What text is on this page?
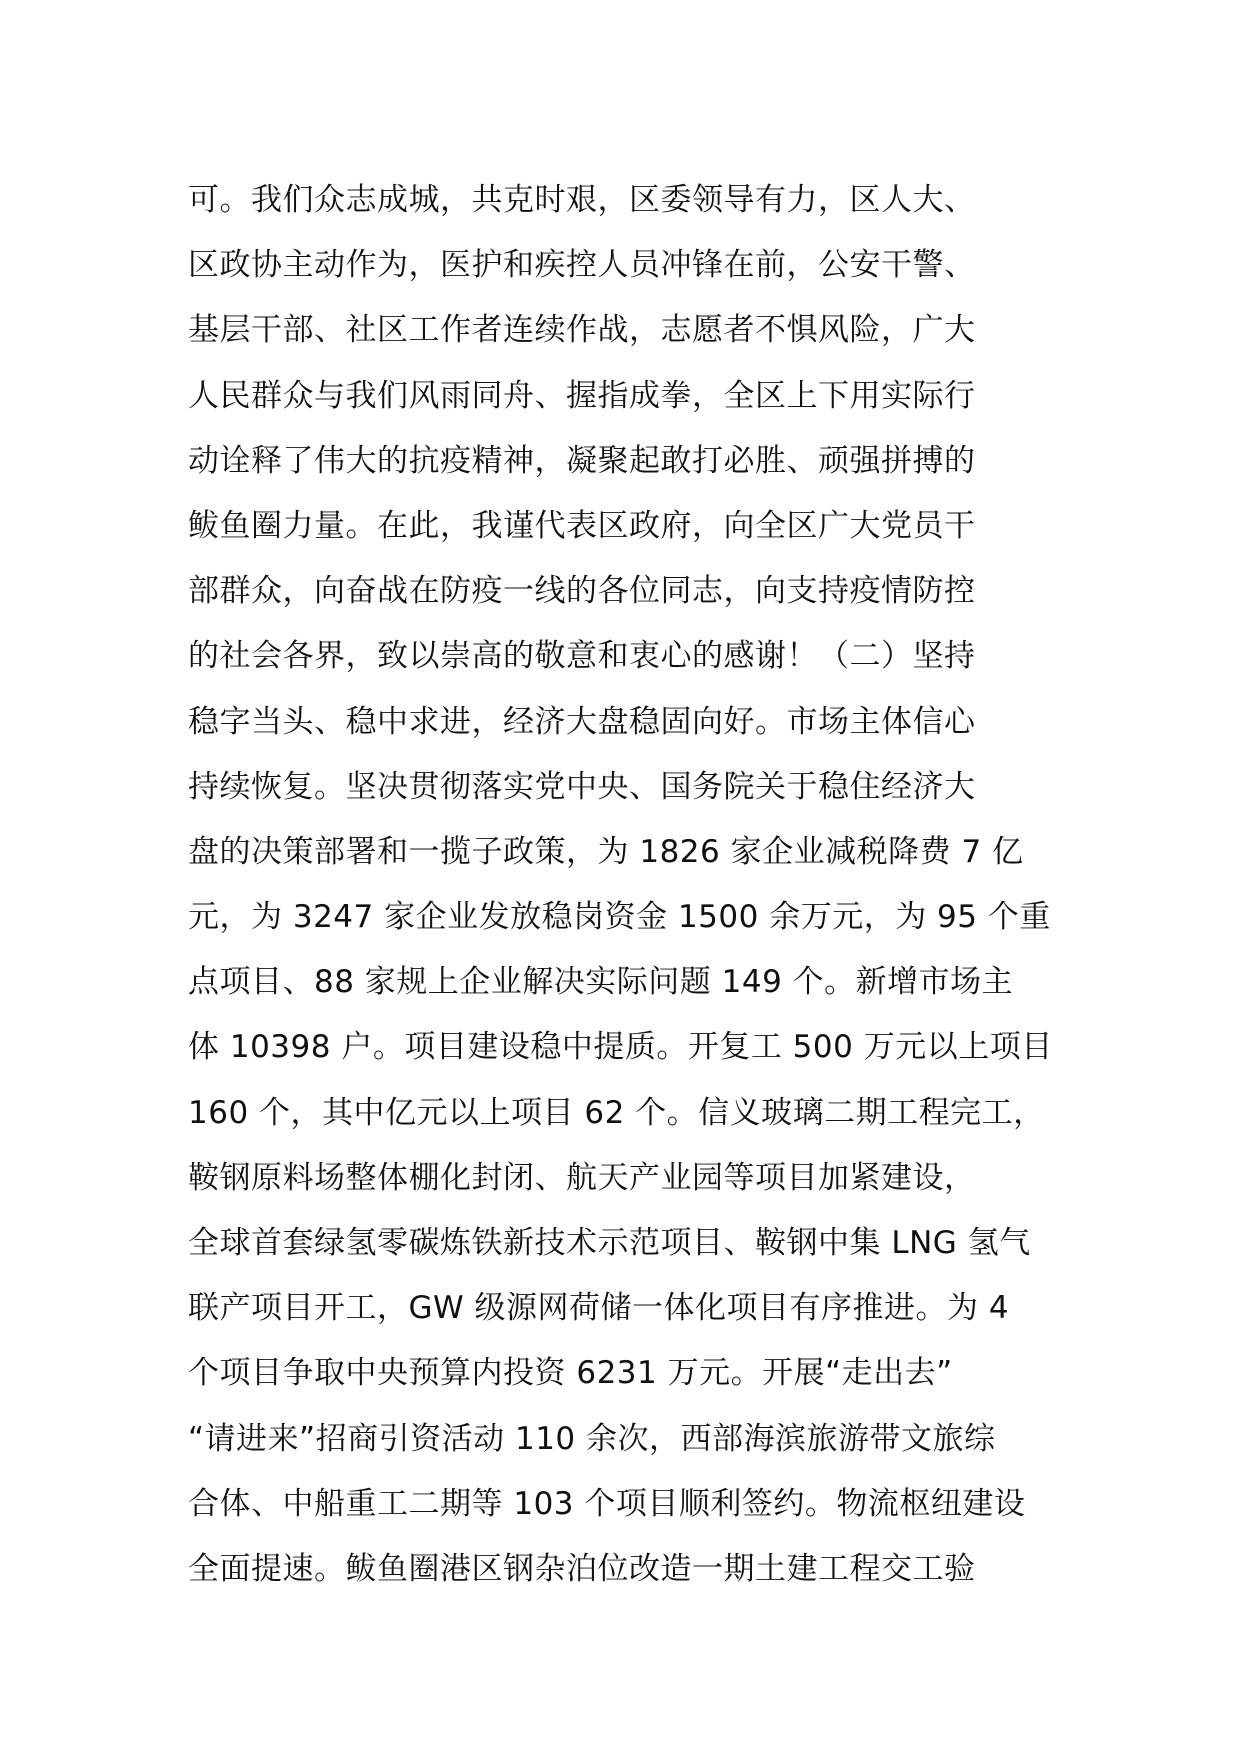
可。我们众志成城，共克时艰，区委领导有力，区人大、
区政协主动作为，医护和疾控人员冲锋在前，公安干警、
基层干部、社区工作者连续作战，志愿者不惧风险，广大
人民群众与我们风雨同舟、握指成拳，全区上下用实际行
动诠释了伟大的抗疫精神，凝聚起敢打必胜、顽强拼搏的
鲅鱼圈力量。在此，我谨代表区政府，向全区广大党员干
部群众，向奋战在防疫一线的各位同志，向支持疫情防控
的社会各界，致以崇高的敬意和衷心的感谢！（二）坚持
稳字当头、稳中求进，经济大盘稳固向好。市场主体信心
持续恢复。坚决贯彻落实党中央、国务院关于稳住经济大
盘的决策部署和一揽子政策，为 1826 家企业减税降费 7 亿
元，为 3247 家企业发放稳岗资金 1500 余万元，为 95 个重
点项目、88 家规上企业解决实际问题 149 个。新增市场主
体 10398 户。项目建设稳中提质。开复工 500 万元以上项目
160 个，其中亿元以上项目 62 个。信义玻璃二期工程完工，
鞍钢原料场整体棚化封闭、航天产业园等项目加紧建设，
全球首套绿氢零碳炼铁新技术示范项目、鞍钢中集 LNG 氢气
联产项目开工，GW 级源网荷储一体化项目有序推进。为 4
个项目争取中央预算内投资 6231 万元。开展“走出去”
“请进来”招商引资活动 110 余次，西部海滨旅游带文旅综
合体、中船重工二期等 103 个项目顺利签约。物流枢纽建设
全面提速。鲅鱼圈港区钢杂泊位改造一期土建工程交工验
